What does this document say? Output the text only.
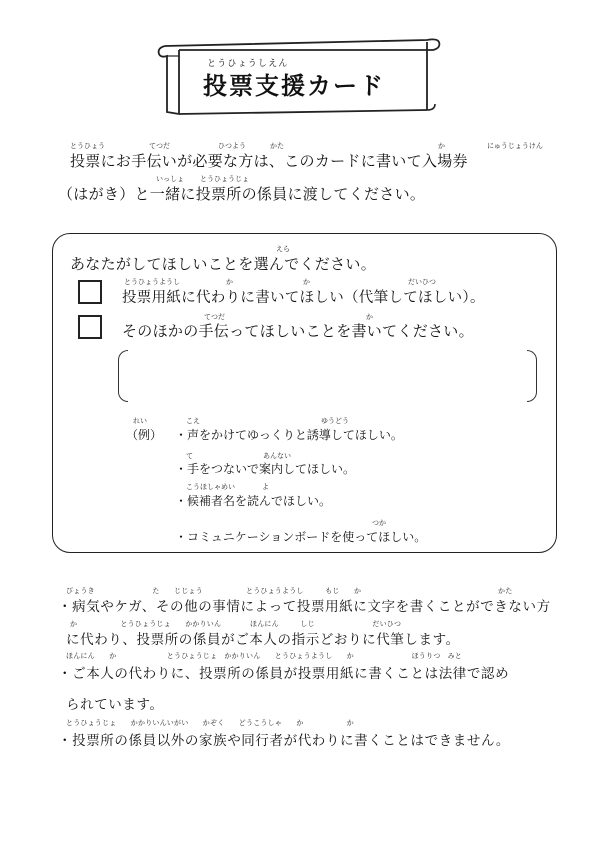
とうひょうしえん
投票支援カード
とうひょう	てつだ	ひつよう	かた	か	にゅうじょうけん
投票にお手伝いが必要な方は、このカードに書いて入場券
いっしょ とうひょうじょ
（はがき）と一緒に投票所の係員に渡してください。
えら
あなたがしてほしいことを選んでください。
とうひょうようし	か	か	だいひつ
投票用紙に代わりに書いてほしい（代筆してほしい）。
てつだ	か
そのほかの手伝ってほしいことを書いてください。
れい	こえ	ゆうどう
（例） ・声をかけてゆっくりと誘導してほしい。
て	あんない
・手をつないで案内してほしい。
こうほしゃめい	よ
・候補者名を読んでほしい。
つか
・コミュニケーションボードを使ってほしい。
びょうき　　　　　　　　た　　じじょう　　　　　　とうひょうようし　　　もじ　　か　　　　　　　　　　　　　　　　　　　かた
・病気やケガ、その他の事情によって投票用紙に文字を書くことができない方
か　　　　　　とうひょうじょ　　かかりいん　　　　ほんにん　　　しじ　　　　　　　　だいひつ
に代わり、投票所の係員がご本人の指示どおりに代筆します。
ほんにん　　か　　　　　　　とうひょうじょ　かかりいん　　とうひょうようし　　か　　　　　　　　ほうりつ　みと
・ご本人の代わりに、投票所の係員が投票用紙に書くことは法律で認め
られています。
とうひょうじょ　　かかりいんいがい　　かぞく　　どうこうしゃ　　か　　　　　　か
・投票所の係員以外の家族や同行者が代わりに書くことはできません。
